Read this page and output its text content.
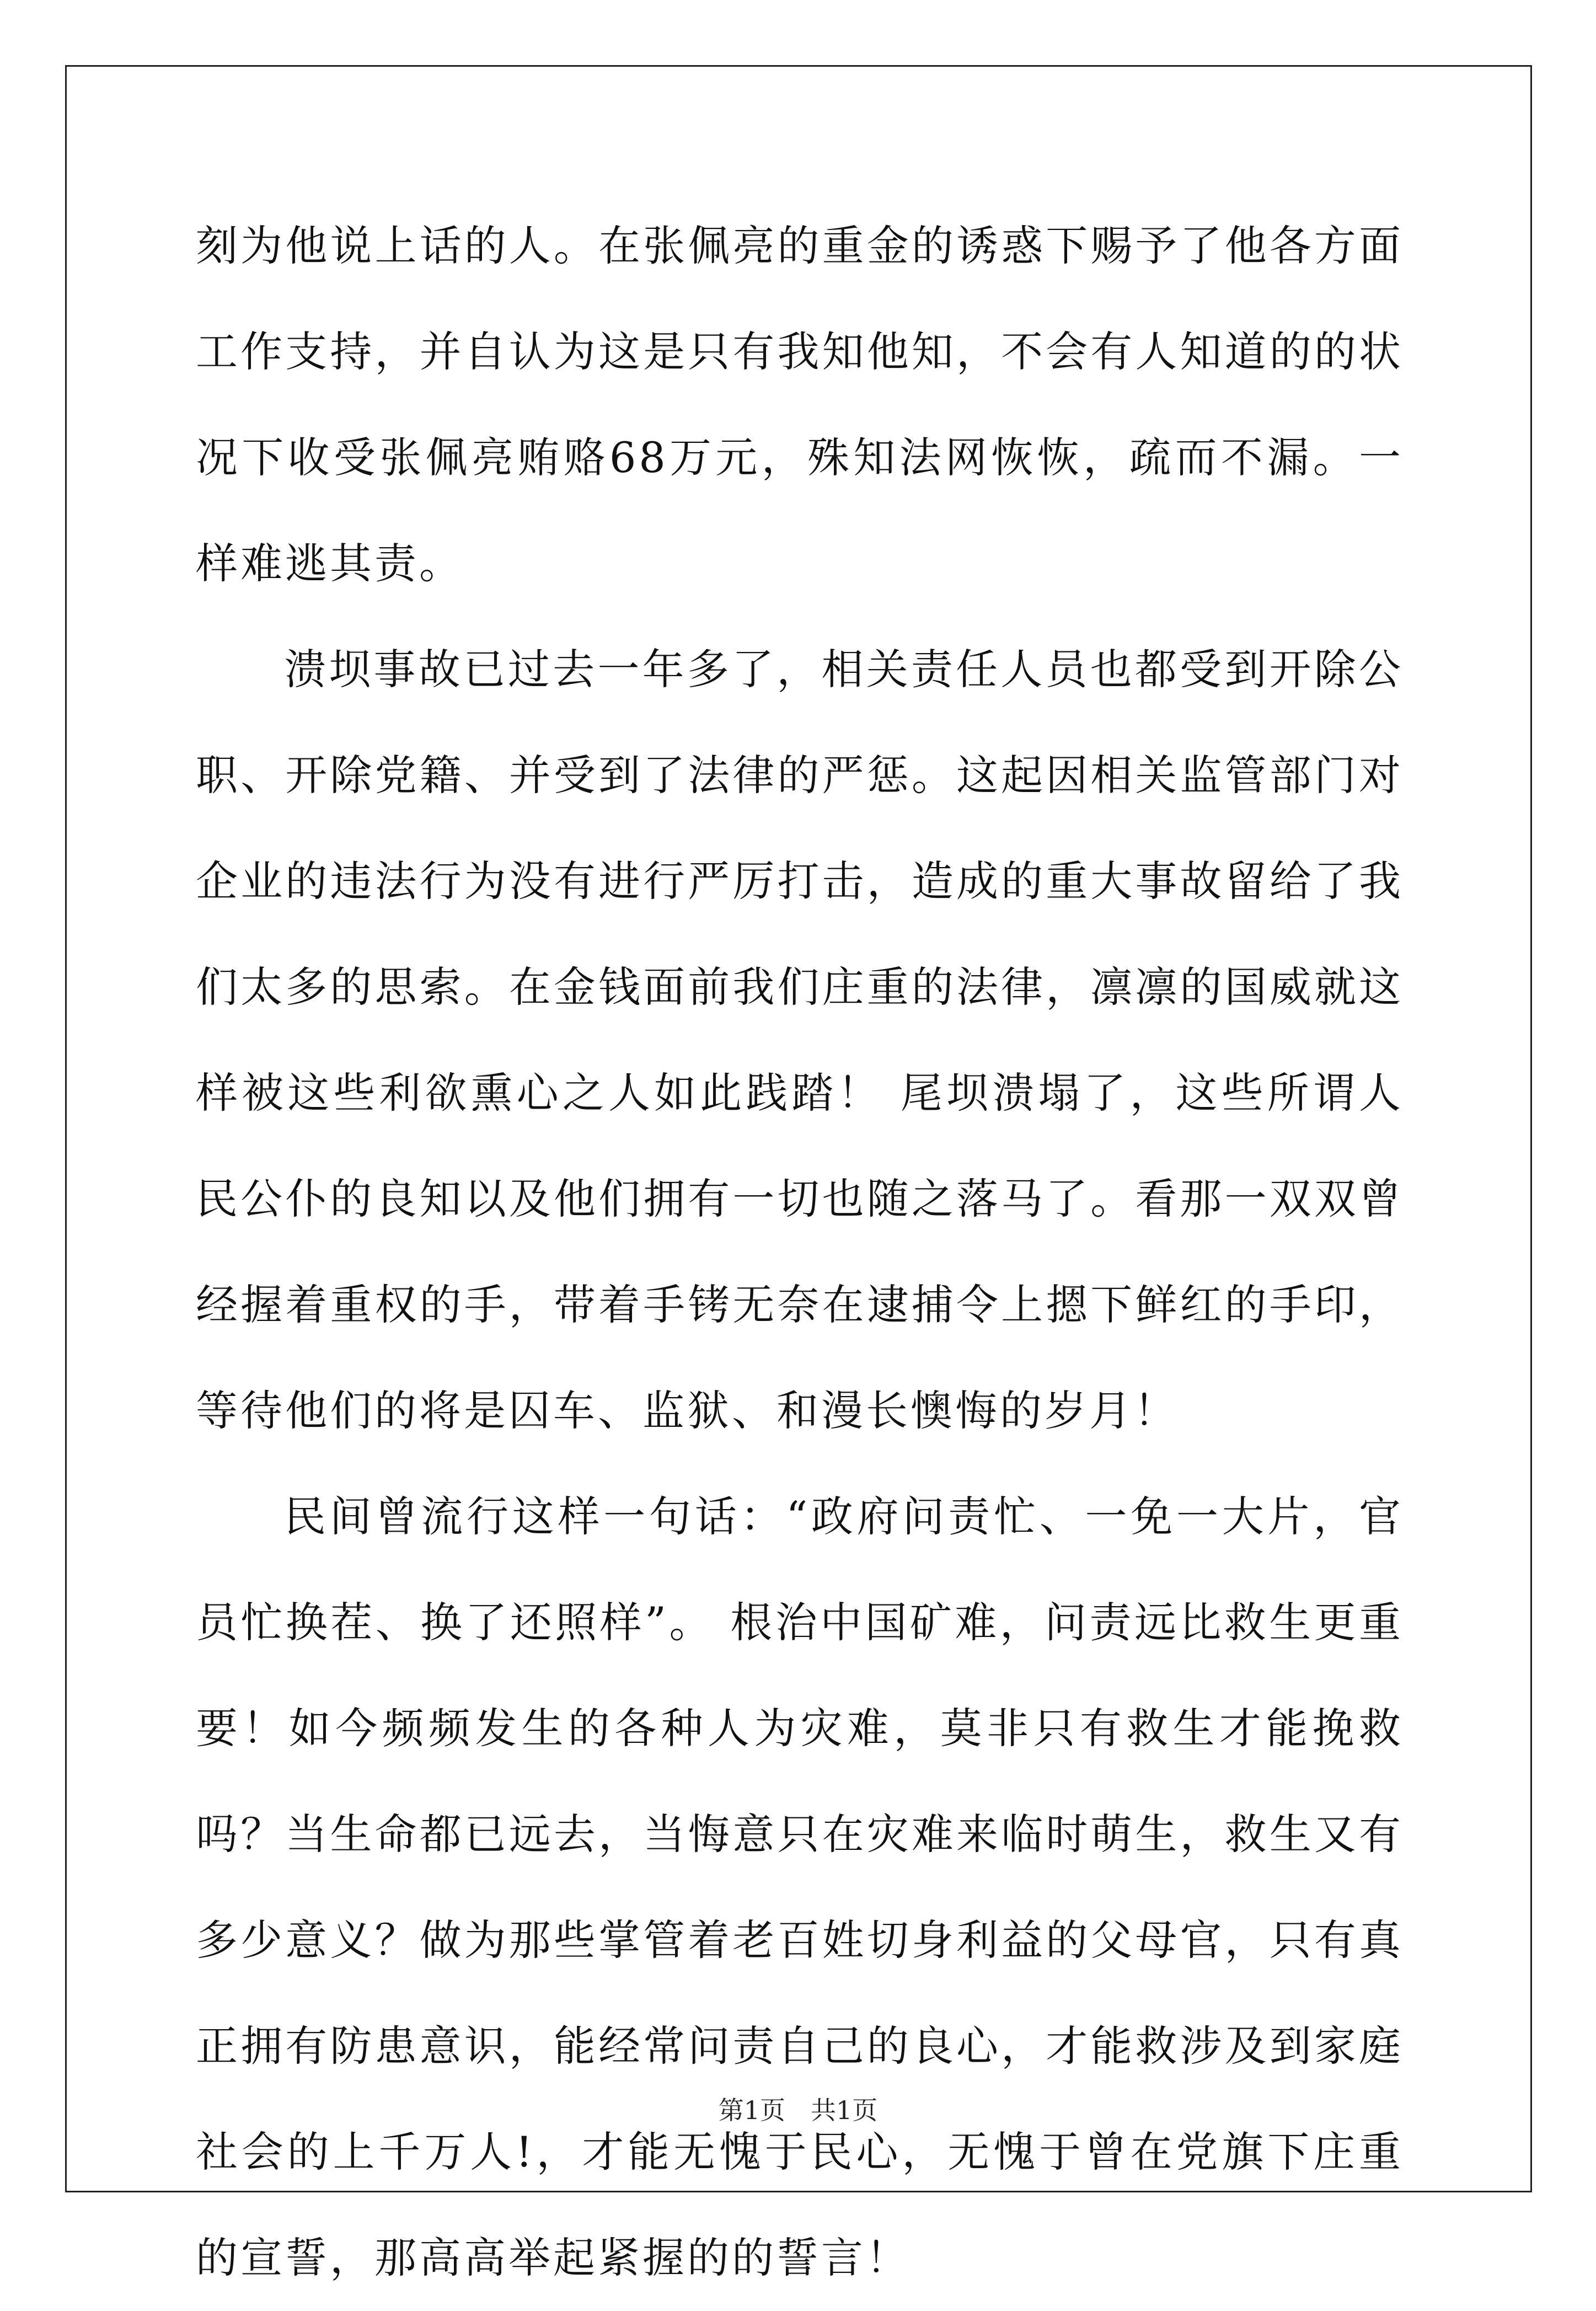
刻为他说上话的人。在张佩亮的重金的诱惑下赐予了他各方面工作支持，并自认为这是只有我知他知，不会有人知道的的状况下收受张佩亮贿赂68万元，殊知法网恢恢，疏而不漏。一样难逃其责。

溃坝事故已过去一年多了，相关责任人员也都受到开除公职、开除党籍、并受到了法律的严惩。这起因相关监管部门对企业的违法行为没有进行严厉打击，造成的重大事故留给了我们太多的思索。在金钱面前我们庄重的法律，凛凛的国威就这样被这些利欲熏心之人如此践踏！ 尾坝溃塌了，这些所谓人民公仆的良知以及他们拥有一切也随之落马了。看那一双双曾经握着重权的手，带着手铐无奈在逮捕令上摁下鲜红的手印，等待他们的将是囚车、监狱、和漫长懊悔的岁月！

民间曾流行这样一句话：“政府问责忙、一免一大片，官员忙换茬、换了还照样”。 根治中国矿难，问责远比救生更重要！如今频频发生的各种人为灾难，莫非只有救生才能挽救吗？当生命都已远去，当悔意只在灾难来临时萌生，救生又有多少意义？做为那些掌管着老百姓切身利益的父母官，只有真正拥有防患意识，能经常问责自己的良心，才能救涉及到家庭社会的上千万人!，才能无愧于民心，无愧于曾在党旗下庄重的宣誓，那高高举起紧握的的誓言！

第1页　共1页
